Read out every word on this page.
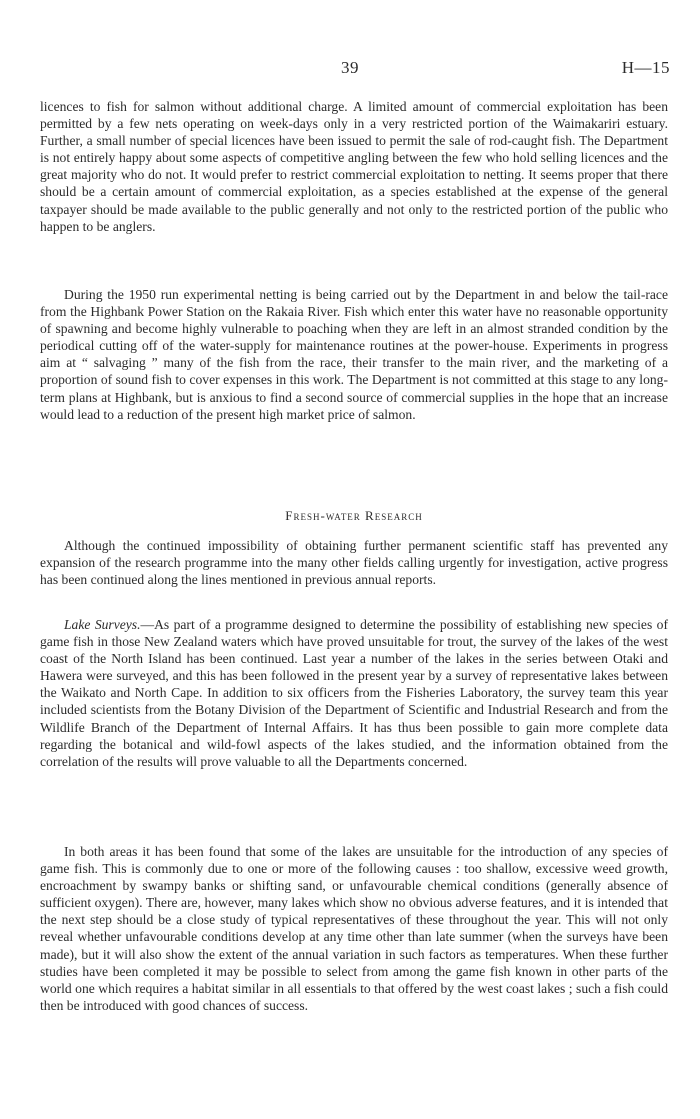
39	H—15

licences to fish for salmon without additional charge. A limited amount of commercial exploitation has been permitted by a few nets operating on week-days only in a very restricted portion of the Waimakariri estuary. Further, a small number of special licences have been issued to permit the sale of rod-caught fish. The Department is not entirely happy about some aspects of competitive angling between the few who hold selling licences and the great majority who do not. It would prefer to restrict commercial exploitation to netting. It seems proper that there should be a certain amount of commercial exploitation, as a species established at the expense of the general taxpayer should be made available to the public generally and not only to the restricted portion of the public who happen to be anglers.

During the 1950 run experimental netting is being carried out by the Department in and below the tail-race from the Highbank Power Station on the Rakaia River. Fish which enter this water have no reasonable opportunity of spawning and become highly vulnerable to poaching when they are left in an almost stranded condition by the periodical cutting off of the water-supply for maintenance routines at the power-house. Experiments in progress aim at “ salvaging ” many of the fish from the race, their transfer to the main river, and the marketing of a proportion of sound fish to cover expenses in this work. The Department is not committed at this stage to any long-term plans at Highbank, but is anxious to find a second source of commercial supplies in the hope that an increase would lead to a reduction of the present high market price of salmon.

Fresh-water Research

Although the continued impossibility of obtaining further permanent scientific staff has prevented any expansion of the research programme into the many other fields calling urgently for investigation, active progress has been continued along the lines mentioned in previous annual reports.

Lake Surveys.—As part of a programme designed to determine the possibility of establishing new species of game fish in those New Zealand waters which have proved unsuitable for trout, the survey of the lakes of the west coast of the North Island has been continued. Last year a number of the lakes in the series between Otaki and Hawera were surveyed, and this has been followed in the present year by a survey of representative lakes between the Waikato and North Cape. In addition to six officers from the Fisheries Laboratory, the survey team this year included scientists from the Botany Division of the Department of Scientific and Industrial Research and from the Wildlife Branch of the Department of Internal Affairs. It has thus been possible to gain more complete data regarding the botanical and wild-fowl aspects of the lakes studied, and the information obtained from the correlation of the results will prove valuable to all the Departments concerned.

In both areas it has been found that some of the lakes are unsuitable for the introduction of any species of game fish. This is commonly due to one or more of the following causes : too shallow, excessive weed growth, encroachment by swampy banks or shifting sand, or unfavourable chemical conditions (generally absence of sufficient oxygen). There are, however, many lakes which show no obvious adverse features, and it is intended that the next step should be a close study of typical representatives of these throughout the year. This will not only reveal whether unfavourable conditions develop at any time other than late summer (when the surveys have been made), but it will also show the extent of the annual variation in such factors as temperatures. When these further studies have been completed it may be possible to select from among the game fish known in other parts of the world one which requires a habitat similar in all essentials to that offered by the west coast lakes ; such a fish could then be introduced with good chances of success.
